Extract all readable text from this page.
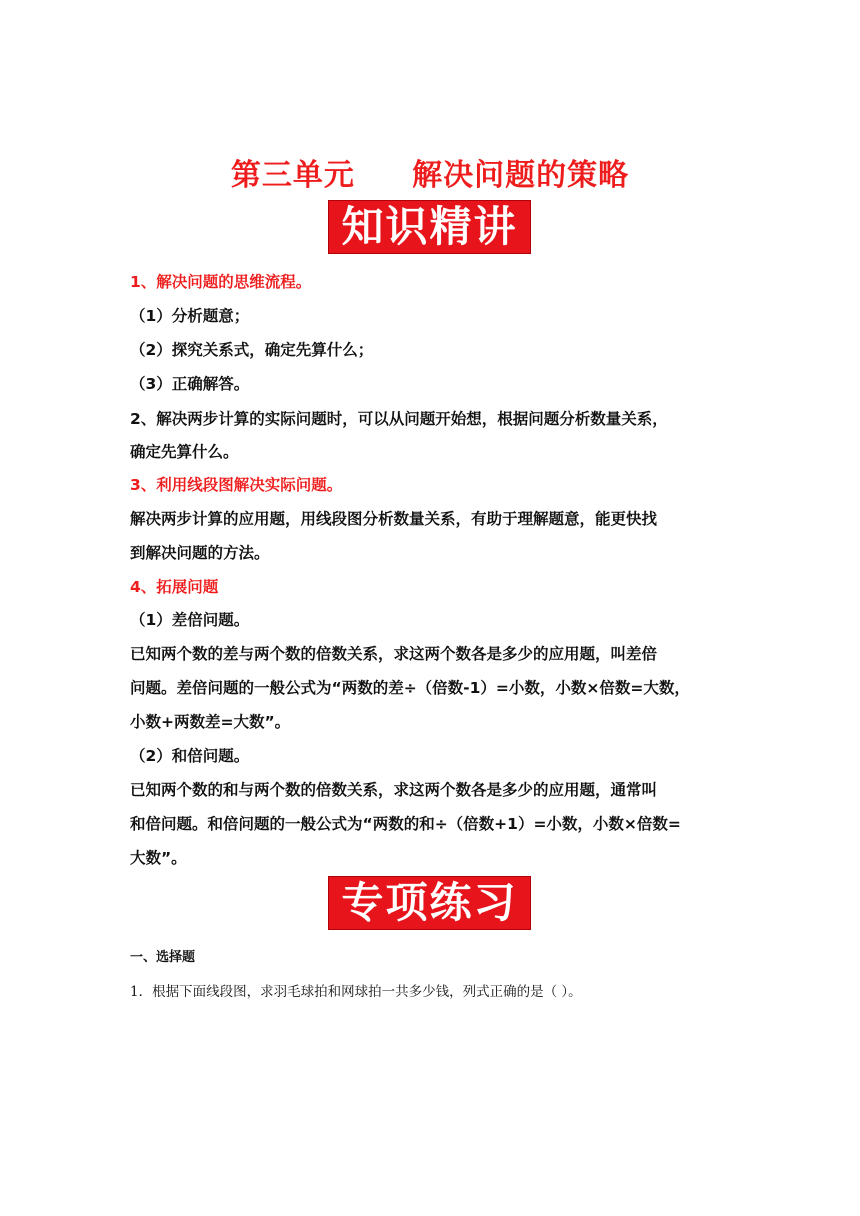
第三单元     解决问题的策略
知识精讲
1、解决问题的思维流程。
（1）分析题意；
（2）探究关系式，确定先算什么；
（3）正确解答。
2、解决两步计算的实际问题时，可以从问题开始想，根据问题分析数量关系，
确定先算什么。
3、利用线段图解决实际问题。
解决两步计算的应用题，用线段图分析数量关系，有助于理解题意，能更快找
到解决问题的方法。
4、拓展问题
（1）差倍问题。
已知两个数的差与两个数的倍数关系，求这两个数各是多少的应用题，叫差倍
问题。差倍问题的一般公式为“两数的差÷（倍数-1）=小数，小数×倍数=大数，
小数+两数差=大数”。
（2）和倍问题。
已知两个数的和与两个数的倍数关系，求这两个数各是多少的应用题，通常叫
和倍问题。和倍问题的一般公式为“两数的和÷（倍数+1）=小数，小数×倍数=
大数”。
专项练习
一、选择题
1．根据下面线段图，求羽毛球拍和网球拍一共多少钱，列式正确的是（ ）。
